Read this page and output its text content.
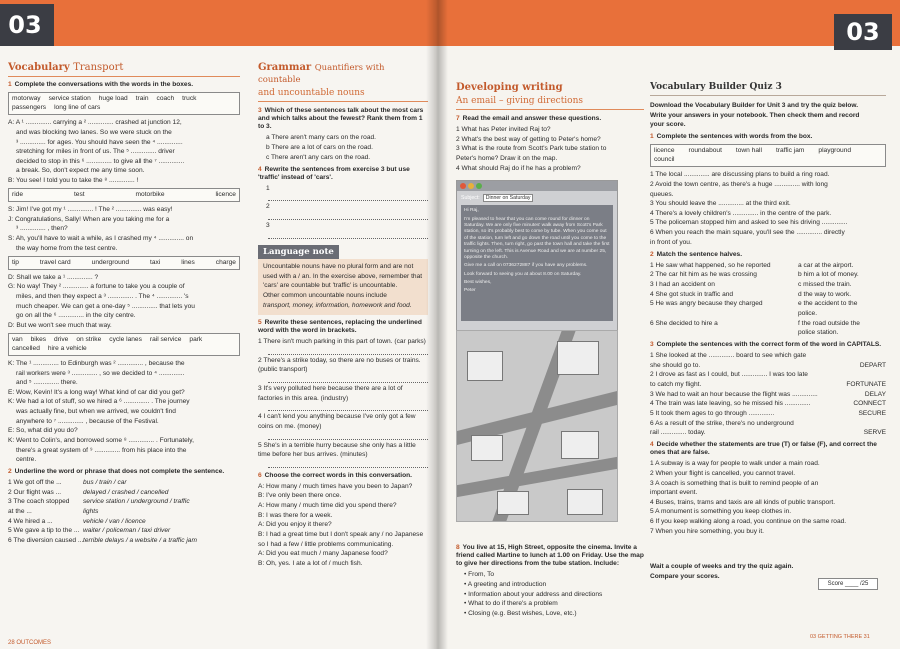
03
Vocabulary Transport
1 Complete the conversations with the words in the boxes.
motorway service station huge load train coach truck
passengers long line of cars
A: A ¹ .............. carrying a ² .............. crashed at junction 12,
and was blocking two lanes. So we were stuck on the
³ .............. for ages. You should have seen the ⁴ ..............
stretching for miles in front of us. The ⁵ .............. driver
decided to stop in this ⁶ .............. to give all the ⁷ ..............
a break. So, don't expect me any time soon.
B: You see! I told you to take the ⁸ .............. !
ride	test	motorbike	licence
S: Jim! I've got my ¹ .............. ! The ² .............. was easy!
J: Congratulations, Sally! When are you taking me for a
³ .............. , then?
S: Ah, you'll have to wait a while, as I crashed my ⁴ .............. on
the way home from the test centre.
tip	travel card	underground	taxi	lines	charge
D: Shall we take a ¹ .............. ?
G: No way! They ² .............. a fortune to take you a couple of
miles, and then they expect a ³ .............. . The ⁴ .............. 's
much cheaper. We can get a one-day ⁵ .............. that lets you
go on all the ⁶ .............. in the city centre.
D: But we won't see much that way.
van bikes drive on strike cycle lanes rail service park
cancelled hire a vehicle
K: The ¹ .............. to Edinburgh was ² .............. , because the
rail workers were ³ .............. , so we decided to ⁴ ..............
and ⁵ .............. there.
E: Wow, Kevin! It's a long way! What kind of car did you get?
K: We had a lot of stuff, so we hired a ⁶ .............. . The journey
was actually fine, but when we arrived, we couldn't find
anywhere to ⁷ .............. , because of the Festival.
E: So, what did you do?
K: Went to Colin's, and borrowed some ⁸ .............. . Fortunately,
there's a great system of ⁹ .............. from his place into the
centre.
2 Underline the word or phrase that does not complete the sentence.
1 We got off the ...	bus / train / car
2 Our flight was ...	delayed / crashed / cancelled
3 The coach stopped	service station / underground / traffic
at the ...	lights
4 We hired a ...	vehicle / van / licence
5 We gave a tip to the ... waiter / policeman / taxi driver
6 The diversion caused ... terrible delays / a website / a traffic jam
Grammar Quantifiers with countable
and uncountable nouns
3 Which of these sentences talk about the most cars and which talks about the fewest? Rank them from 1 to 3.
a There aren't many cars on the road.
b There are a lot of cars on the road.
c There aren't any cars on the road.
4 Rewrite the sentences from exercise 3 but use 'traffic' instead of 'cars'.
1
2
3
Language note
Uncountable nouns have no plural form and are not
used with a / an. In the exercise above, remember that
'cars' are countable but 'traffic' is uncountable.
Other common uncountable nouns include
transport, money, information, homework and food.
5 Rewrite these sentences, replacing the underlined word with the word in brackets.
1 There isn't much parking in this part of town. (car parks)
2 There's a strike today, so there are no buses or trains.
(public transport)
3 It's very polluted here because there are a lot of
factories in this area. (industry)
4 I can't lend you anything because I've only got a few
coins on me. (money)
5 She's in a terrible hurry because she only has a little
time before her bus arrives. (minutes)
6 Choose the correct words in this conversation.
A: How many / much times have you been to Japan?
B: I've only been there once.
A: How many / much time did you spend there?
B: I was there for a week.
A: Did you enjoy it there?
B: I had a great time but I don't speak any / no Japanese
so I had a few / little problems communicating.
A: Did you eat much / many Japanese food?
B: Oh, yes. I ate a lot of / much fish.
28 OUTCOMES
03
Developing writing
An email – giving directions
7 Read the email and answer these questions.
1 What has Peter invited Raj to?
2 What's the best way of getting to Peter's home?
3 What is the route from Scott's Park tube station to
Peter's home? Draw it on the map.
4 What should Raj do if he has a problem?
8 You live at 15, High Street, opposite the cinema. Invite a friend called Martine to lunch at 1.00 on Friday. Use the map to give her directions from the tube station. Include:
• From, To
• A greeting and introduction
• Information about your address and directions
• What to do if there's a problem
• Closing (e.g. Best wishes, Love, etc.)
Vocabulary Builder Quiz 3
Download the Vocabulary Builder for Unit 3 and try the quiz below.
Write your answers in your notebook. Then check them and record
your score.
1 Complete the sentences with words from the box.
licence roundabout town hall traffic jam playground
council
1 The local .............. are discussing plans to build a ring road.
2 Avoid the town centre, as there's a huge .............. with long
queues.
3 You should leave the .............. at the third exit.
4 There's a lovely children's .............. in the centre of the park.
5 The policeman stopped him and asked to see his driving ..............
6 When you reach the main square, you'll see the .............. directly
in front of you.
2 Match the sentence halves.
1 He saw what happened, so he reported	a car at the airport.
2 The car hit him as he was crossing	b him a lot of money.
3 I had an accident on	c missed the train.
4 She got stuck in traffic and	d the way to work.
5 He was angry because they charged	e the accident to the
police.
6 She decided to hire a	f the road outside the
police station.
3 Complete the sentences with the correct form of the word in CAPITALS.
1 She looked at the .............. board to see which gate
she should go to.	DEPART
2 I drove as fast as I could, but .............. I was too late
to catch my flight.	FORTUNATE
3 We had to wait an hour because the flight was ..............	DELAY
4 The train was late leaving, so he missed his ..............	CONNECT
5 It took them ages to go through ..............	SECURE
6 As a result of the strike, there's no underground
rail .............. today.	SERVE
4 Decide whether the statements are true (T) or false (F), and correct the ones that are false.
1 A subway is a way for people to walk under a main road.
2 When your flight is cancelled, you cannot travel.
3 A coach is something that is built to remind people of an
important event.
4 Buses, trains, trams and taxis are all kinds of public transport.
5 A monument is something you keep clothes in.
6 If you keep walking along a road, you continue on the same road.
7 When you hire something, you buy it.
Wait a couple of weeks and try the quiz again.
Compare your scores.
Score ____ /25
03 GETTING THERE 31
Subject:	Dinner on Saturday

Hi Raj,

I'm pleased to hear that you can come round for dinner on Saturday. We are only five minutes' walk away from Scott's Park station, so it's probably best to come by tube. When you come out of the station, turn left and go down the road until you come to the traffic lights. Then, turn right, go past the town hall and take the first turning on the left. This is Avenue Road and we are at number 25, opposite the church.

Give me a call on 0736272887 if you have any problems.

Look forward to seeing you at about 8.00 on Saturday.

Best wishes,

Peter
